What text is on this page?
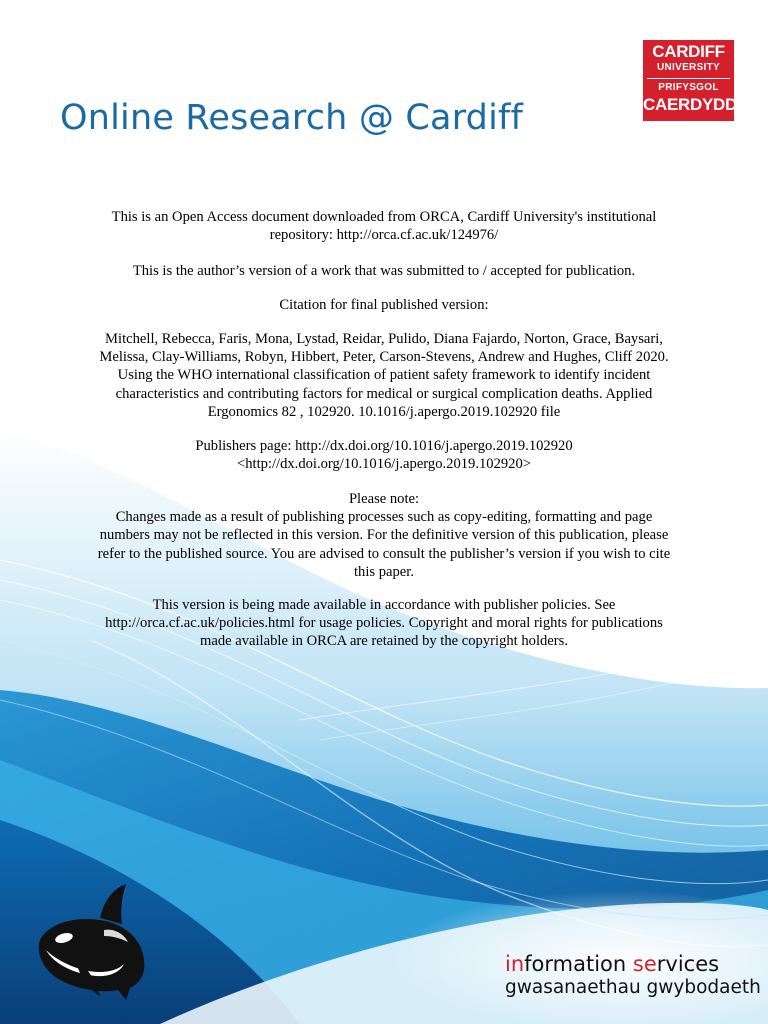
Online Research @ Cardiff
CARDIFF
UNIVERSITY
PRIFYSGOL
CAERDYDD
This is an Open Access document downloaded from ORCA, Cardiff University's institutional
repository: http://orca.cf.ac.uk/124976/
This is the author’s version of a work that was submitted to / accepted for publication.
Citation for final published version:
Mitchell, Rebecca, Faris, Mona, Lystad, Reidar, Pulido, Diana Fajardo, Norton, Grace, Baysari,
Melissa, Clay-Williams, Robyn, Hibbert, Peter, Carson-Stevens, Andrew and Hughes, Cliff 2020.
Using the WHO international classification of patient safety framework to identify incident
characteristics and contributing factors for medical or surgical complication deaths. Applied
Ergonomics 82 , 102920. 10.1016/j.apergo.2019.102920 file
Publishers page: http://dx.doi.org/10.1016/j.apergo.2019.102920
<http://dx.doi.org/10.1016/j.apergo.2019.102920>
Please note:
Changes made as a result of publishing processes such as copy-editing, formatting and page
numbers may not be reflected in this version. For the definitive version of this publication, please
refer to the published source. You are advised to consult the publisher’s version if you wish to cite
this paper.
This version is being made available in accordance with publisher policies. See
http://orca.cf.ac.uk/policies.html for usage policies. Copyright and moral rights for publications
made available in ORCA are retained by the copyright holders.
information services
gwasanaethau gwybodaeth
